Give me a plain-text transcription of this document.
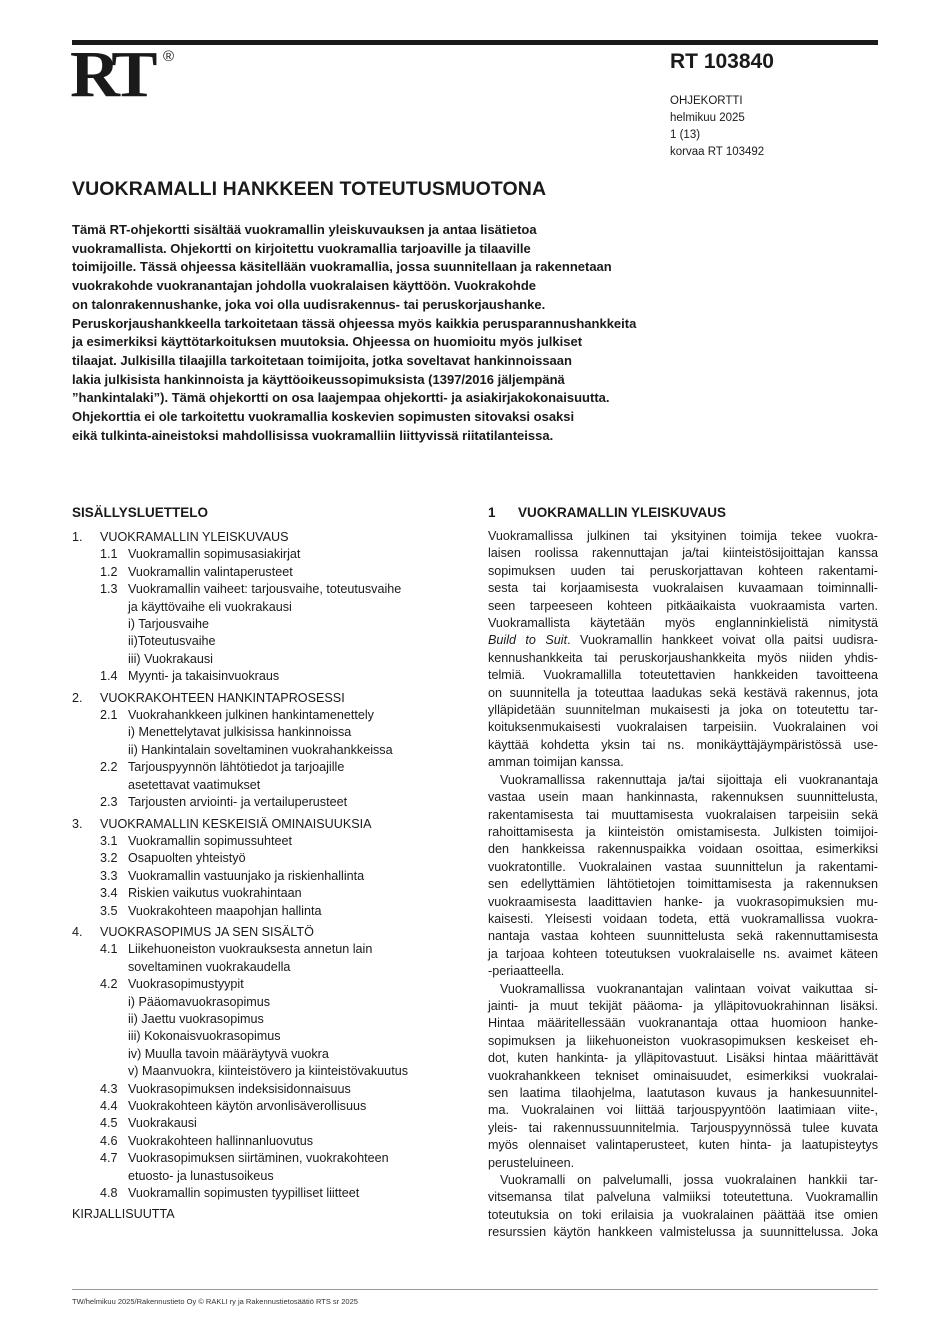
RT ®	RT 103840
OHJEKORTTI
helmikuu 2025
1 (13)
korvaa RT 103492
VUOKRAMALLI HANKKEEN TOTEUTUSMUOTONA
Tämä RT-ohjekortti sisältää vuokramallin yleiskuvauksen ja antaa lisätietoa
vuokramallista. Ohjekortti on kirjoitettu vuokramallia tarjoaville ja tilaaville
toimijoille. Tässä ohjeessa käsitellään vuokramallia, jossa suunnitellaan ja rakennetaan
vuokrakohde vuokranantajan johdolla vuokralaisen käyttöön. Vuokrakohde
on talonrakennushanke, joka voi olla uudisrakennus- tai peruskorjaushanke.
Peruskorjaushankkeella tarkoitetaan tässä ohjeessa myös kaikkia perusparannushankkeita
ja esimerkiksi käyttötarkoituksen muutoksia. Ohjeessa on huomioitu myös julkiset
tilaajat. Julkisilla tilaajilla tarkoitetaan toimijoita, jotka soveltavat hankinnoissaan
lakia julkisista hankinnoista ja käyttöoikeussopimuksista (1397/2016 jäljempänä
”hankintalaki”). Tämä ohjekortti on osa laajempaa ohjekortti- ja asiakirjakokonaisuutta.
Ohjekorttia ei ole tarkoitettu vuokramallia koskevien sopimusten sitovaksi osaksi
eikä tulkinta-aineistoksi mahdollisissa vuokramalliin liittyvissä riitatilanteissa.
SISÄLLYSLUETTELO
1.	VUOKRAMALLIN YLEISKUVAUS
1.1 Vuokramallin sopimusasiakirjat
1.2 Vuokramallin valintaperusteet
1.3 Vuokramallin vaiheet: tarjousvaihe, toteutusvaihe
ja käyttövaihe eli vuokrakausi
i) Tarjousvaihe
ii)Toteutusvaihe
iii) Vuokrakausi
1.4 Myynti- ja takaisinvuokraus
2.	VUOKRAKOHTEEN HANKINTAPROSESSI
2.1 Vuokrahankkeen julkinen hankintamenettely
i) Menettelytavat julkisissa hankinnoissa
ii) Hankintalain soveltaminen vuokrahankkeissa
2.2 Tarjouspyynnön lähtötiedot ja tarjoajille
asetettavat vaatimukset
2.3 Tarjousten arviointi- ja vertailuperusteet
3.	VUOKRAMALLIN KESKEISIÄ OMINAISUUKSIA
3.1 Vuokramallin sopimussuhteet
3.2 Osapuolten yhteistyö
3.3 Vuokramallin vastuunjako ja riskienhallinta
3.4 Riskien vaikutus vuokrahintaan
3.5 Vuokrakohteen maapohjan hallinta
4.	VUOKRASOPIMUS JA SEN SISÄLTÖ
4.1 Liikehuoneiston vuokrauksesta annetun lain
soveltaminen vuokrakaudella
4.2 Vuokrasopimustyypit
i) Pääomavuokrasopimus
ii) Jaettu vuokrasopimus
iii) Kokonaisvuokrasopimus
iv) Muulla tavoin määräytyvä vuokra
v) Maanvuokra, kiinteistövero ja kiinteistövakuutus
4.3 Vuokrasopimuksen indeksisidonnaisuus
4.4 Vuokrakohteen käytön arvonlisäverollisuus
4.5 Vuokrakausi
4.6 Vuokrakohteen hallinnanluovutus
4.7 Vuokrasopimuksen siirtäminen, vuokrakohteen
etuosto- ja lunastusoikeus
4.8 Vuokramallin sopimusten tyypilliset liitteet
KIRJALLISUUTTA
1	VUOKRAMALLIN YLEISKUVAUS
Vuokramallissa julkinen tai yksityinen toimija tekee vuokra-
laisen roolissa rakennuttajan ja/tai kiinteistösijoittajan kanssa
sopimuksen uuden tai peruskorjattavan kohteen rakentami-
sesta tai korjaamisesta vuokralaisen kuvaamaan toiminnalli-
seen tarpeeseen kohteen pitkäaikaista vuokraamista varten.
Vuokramallista käytetään myös englanninkielistä nimitystä
Build to Suit. Vuokramallin hankkeet voivat olla paitsi uudisra-
kennushankkeita tai peruskorjaushankkeita myös niiden yhdis-
telmiä. Vuokramallilla toteutettavien hankkeiden tavoitteena
on suunnitella ja toteuttaa laadukas sekä kestävä rakennus, jota
ylläpidetään suunnitelman mukaisesti ja joka on toteutettu tar-
koituksenmukaisesti vuokralaisen tarpeisiin. Vuokralainen voi
käyttää kohdetta yksin tai ns. monikäyttäjäympäristössä use-
amman toimijan kanssa.
Vuokramallissa rakennuttaja ja/tai sijoittaja eli vuokranantaja
vastaa usein maan hankinnasta, rakennuksen suunnittelusta,
rakentamisesta tai muuttamisesta vuokralaisen tarpeisiin sekä
rahoittamisesta ja kiinteistön omistamisesta. Julkisten toimijoi-
den hankkeissa rakennuspaikka voidaan osoittaa, esimerkiksi
vuokratontille. Vuokralainen vastaa suunnittelun ja rakentami-
sen edellyttämien lähtötietojen toimittamisesta ja rakennuksen
vuokraamisesta laadittavien hanke- ja vuokrasopimuksien mu-
kaisesti. Yleisesti voidaan todeta, että vuokramallissa vuokra-
nantaja vastaa kohteen suunnittelusta sekä rakennuttamisesta
ja tarjoaa kohteen toteutuksen vuokralaiselle ns. avaimet käteen
-periaatteella.
Vuokramallissa vuokranantajan valintaan voivat vaikuttaa si-
jainti- ja muut tekijät pääoma- ja ylläpitovuokrahinnan lisäksi.
Hintaa määritellessään vuokranantaja ottaa huomioon hanke-
sopimuksen ja liikehuoneiston vuokrasopimuksen keskeiset eh-
dot, kuten hankinta- ja ylläpitovastuut. Lisäksi hintaa määrittävät
vuokrahankkeen tekniset ominaisuudet, esimerkiksi vuokralai-
sen laatima tilaohjelma, laatutason kuvaus ja hankesuunnitel-
ma. Vuokralainen voi liittää tarjouspyyntöön laatimiaan viite-,
yleis- tai rakennussuunnitelmia. Tarjouspyynnössä tulee kuvata
myös olennaiset valintaperusteet, kuten hinta- ja laatupisteytys
perusteluineen.
Vuokramalli on palvelumalli, jossa vuokralainen hankkii tar-
vitsemansa tilat palveluna valmiiksi toteutettuna. Vuokramallin
toteutuksia on toki erilaisia ja vuokralainen päättää itse omien
resurssien käytön hankkeen valmistelussa ja suunnittelussa. Joka
TW/helmikuu 2025/Rakennustieto Oy © RAKLI ry ja Rakennustietosäätiö RTS sr 2025
